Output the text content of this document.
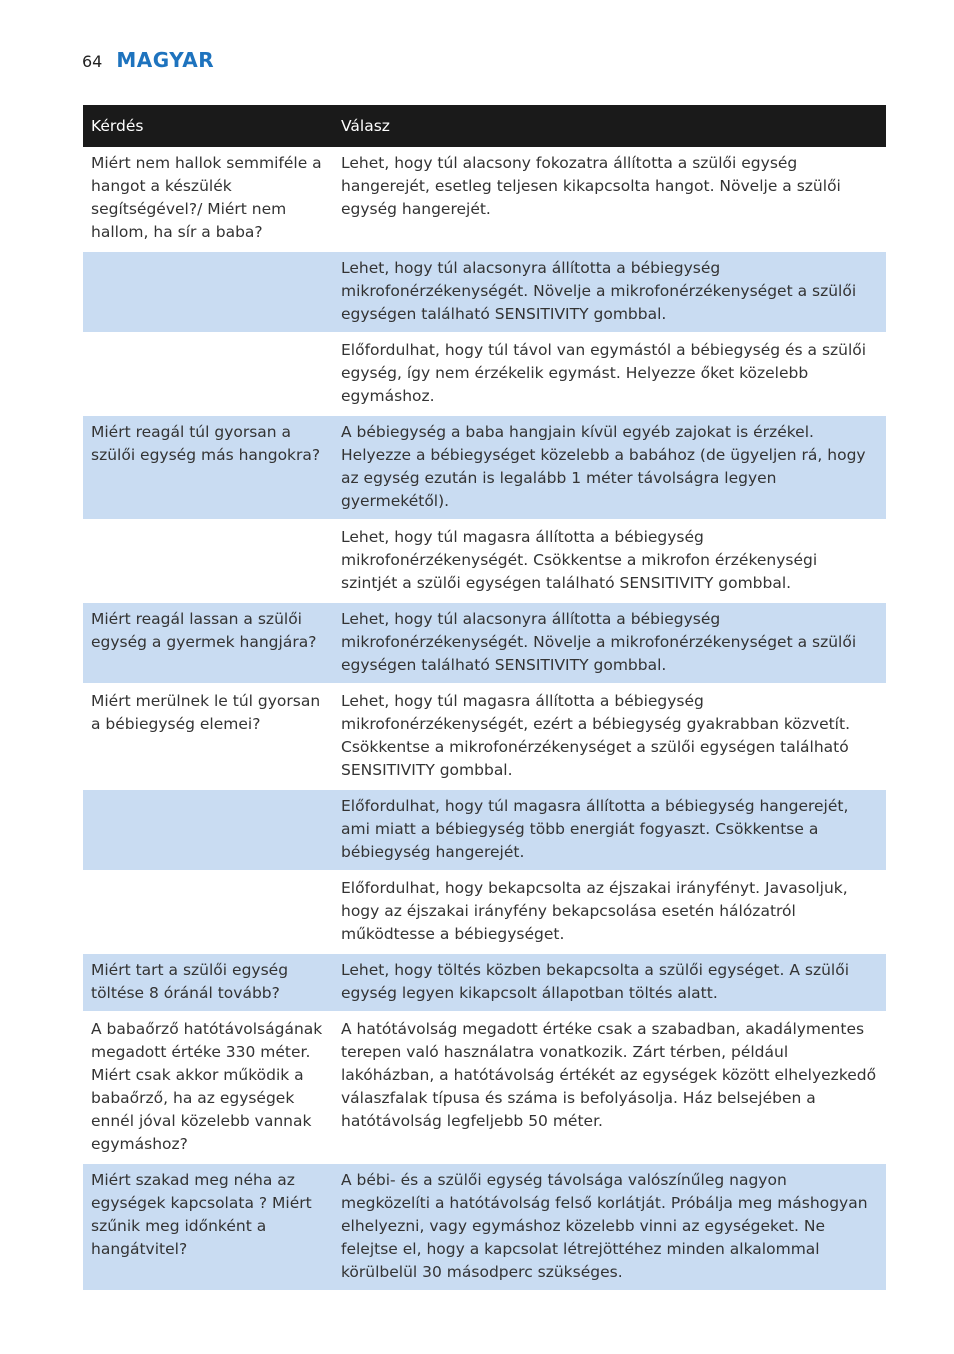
64 MAGYAR
Kérdés	Válasz
Miért nem hallok semmiféle a hangot a készülék segítségével?/ Miért nem hallom, ha sír a baba?	Lehet, hogy túl alacsony fokozatra állította a szülői egység hangerejét, esetleg teljesen kikapcsolta hangot. Növelje a szülői egység hangerejét.
	Lehet, hogy túl alacsonyra állította a bébiegység mikrofonérzékenységét. Növelje a mikrofonérzékenységet a szülői egységen található SENSITIVITY gombbal.
	Előfordulhat, hogy túl távol van egymástól a bébiegység és a szülői egység, így nem érzékelik egymást. Helyezze őket közelebb egymáshoz.
Miért reagál túl gyorsan a szülői egység más hangokra?	A bébiegység a baba hangjain kívül egyéb zajokat is érzékel. Helyezze a bébiegységet közelebb a babához (de ügyeljen rá, hogy az egység ezután is legalább 1 méter távolságra legyen gyermekétől).
	Lehet, hogy túl magasra állította a bébiegység mikrofonérzékenységét. Csökkentse a mikrofon érzékenységi szintjét a szülői egységen található SENSITIVITY gombbal.
Miért reagál lassan a szülői egység a gyermek hangjára?	Lehet, hogy túl alacsonyra állította a bébiegység mikrofonérzékenységét. Növelje a mikrofonérzékenységet a szülői egységen található SENSITIVITY gombbal.
Miért merülnek le túl gyorsan a bébiegység elemei?	Lehet, hogy túl magasra állította a bébiegység mikrofonérzékenységét, ezért a bébiegység gyakrabban közvetít. Csökkentse a mikrofonérzékenységet a szülői egységen található SENSITIVITY gombbal.
	Előfordulhat, hogy túl magasra állította a bébiegység hangerejét, ami miatt a bébiegység több energiát fogyaszt. Csökkentse a bébiegység hangerejét.
	Előfordulhat, hogy bekapcsolta az éjszakai irányfényt. Javasoljuk, hogy az éjszakai irányfény bekapcsolása esetén hálózatról működtesse a bébiegységet.
Miért tart a szülői egység töltése 8 óránál tovább?	Lehet, hogy töltés közben bekapcsolta a szülői egységet. A szülői egység legyen kikapcsolt állapotban töltés alatt.
A babaőrző hatótávolságának megadott értéke 330 méter. Miért csak akkor működik a babaőrző, ha az egységek ennél jóval közelebb vannak egymáshoz?	A hatótávolság megadott értéke csak a szabadban, akadálymentes terepen való használatra vonatkozik. Zárt térben, például lakóházban, a hatótávolság értékét az egységek között elhelyezkedő válaszfalak típusa és száma is befolyásolja. Ház belsejében a hatótávolság legfeljebb 50 méter.
Miért szakad meg néha az egységek kapcsolata ? Miért szűnik meg időnként a hangátvitel?	A bébi- és a szülői egység távolsága valószínűleg nagyon megközelíti a hatótávolság felső korlátját. Próbálja meg máshogyan elhelyezni, vagy egymáshoz közelebb vinni az egységeket. Ne felejtse el, hogy a kapcsolat létrejöttéhez minden alkalommal körülbelül 30 másodperc szükséges.
